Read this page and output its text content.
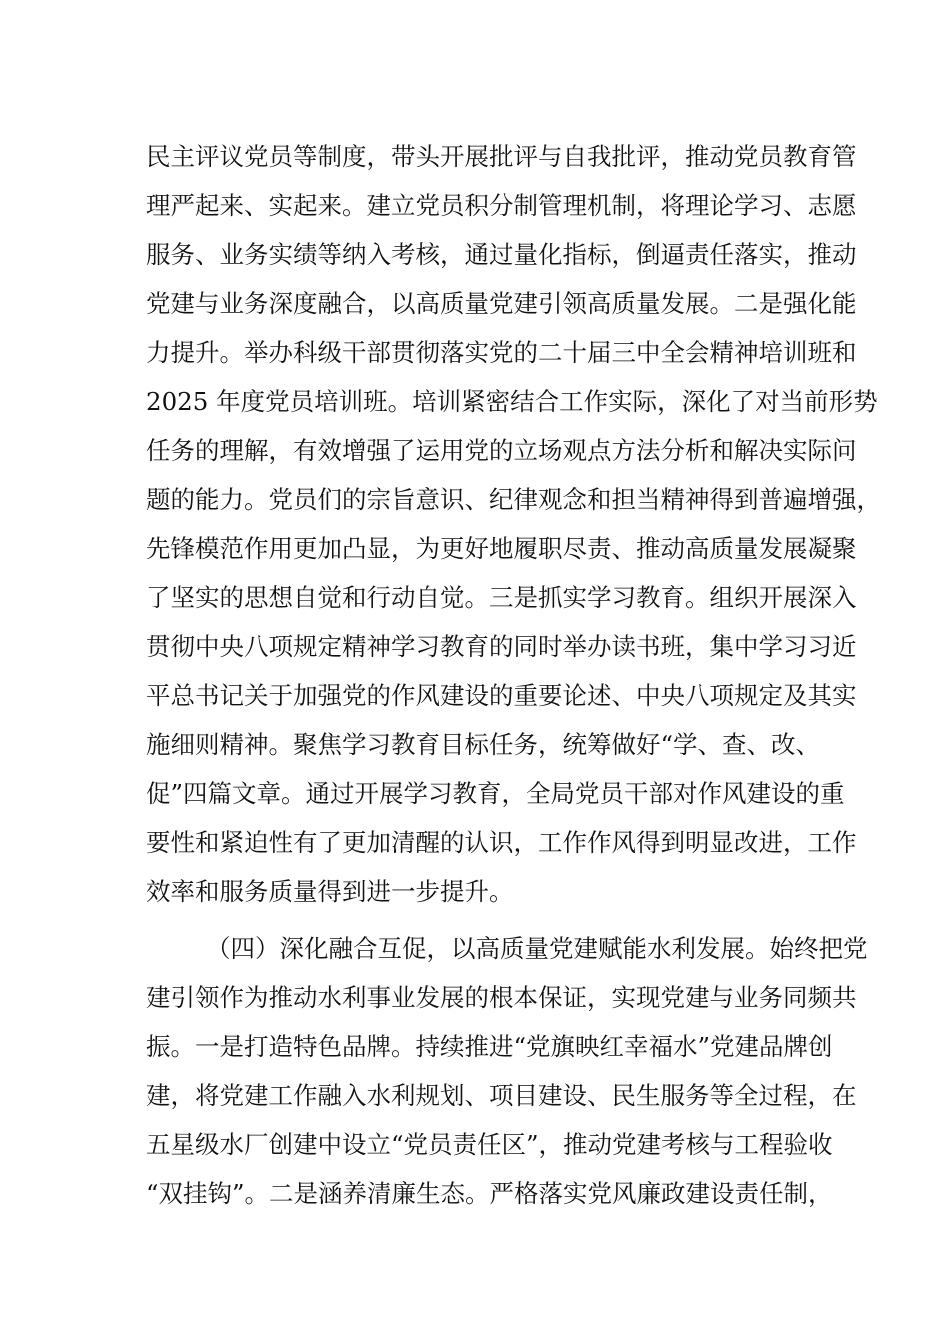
民主评议党员等制度，带头开展批评与自我批评，推动党员教育管
理严起来、实起来。建立党员积分制管理机制，将理论学习、志愿
服务、业务实绩等纳入考核，通过量化指标，倒逼责任落实，推动
党建与业务深度融合，以高质量党建引领高质量发展。二是强化能
力提升。举办科级干部贯彻落实党的二十届三中全会精神培训班和
2025 年度党员培训班。培训紧密结合工作实际，深化了对当前形势
任务的理解，有效增强了运用党的立场观点方法分析和解决实际问
题的能力。党员们的宗旨意识、纪律观念和担当精神得到普遍增强，
先锋模范作用更加凸显，为更好地履职尽责、推动高质量发展凝聚
了坚实的思想自觉和行动自觉。三是抓实学习教育。组织开展深入
贯彻中央八项规定精神学习教育的同时举办读书班，集中学习习近
平总书记关于加强党的作风建设的重要论述、中央八项规定及其实
施细则精神。聚焦学习教育目标任务，统筹做好“学、查、改、
促”四篇文章。通过开展学习教育，全局党员干部对作风建设的重
要性和紧迫性有了更加清醒的认识，工作作风得到明显改进，工作
效率和服务质量得到进一步提升。
（四）深化融合互促，以高质量党建赋能水利发展。始终把党
建引领作为推动水利事业发展的根本保证，实现党建与业务同频共
振。一是打造特色品牌。持续推进“党旗映红幸福水”党建品牌创
建，将党建工作融入水利规划、项目建设、民生服务等全过程，在
五星级水厂创建中设立“党员责任区”，推动党建考核与工程验收
“双挂钩”。二是涵养清廉生态。严格落实党风廉政建设责任制，
